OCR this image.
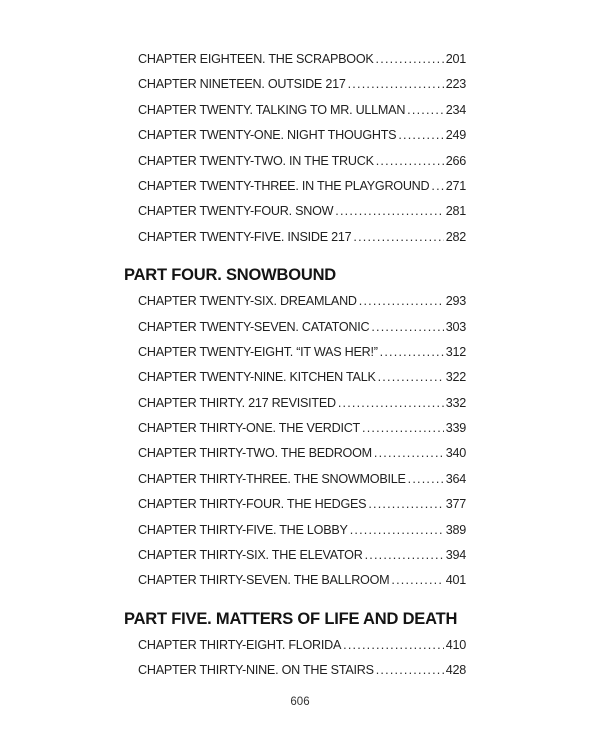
CHAPTER EIGHTEEN. THE SCRAPBOOK .....	201
CHAPTER NINETEEN. OUTSIDE 217 .....	223
CHAPTER TWENTY. TALKING TO MR. ULLMAN .....	234
CHAPTER TWENTY-ONE. NIGHT THOUGHTS .....	249
CHAPTER TWENTY-TWO. IN THE TRUCK .....	266
CHAPTER TWENTY-THREE. IN THE PLAYGROUND ..... 271
CHAPTER TWENTY-FOUR. SNOW .....	281
CHAPTER TWENTY-FIVE. INSIDE 217 .....	282
PART FOUR. SNOWBOUND
CHAPTER TWENTY-SIX. DREAMLAND .....	293
CHAPTER TWENTY-SEVEN. CATATONIC .....	303
CHAPTER TWENTY-EIGHT. “IT WAS HER!” .....	312
CHAPTER TWENTY-NINE. KITCHEN TALK .....	322
CHAPTER THIRTY. 217 REVISITED .....	332
CHAPTER THIRTY-ONE. THE VERDICT .....	339
CHAPTER THIRTY-TWO. THE BEDROOM .....	340
CHAPTER THIRTY-THREE. THE SNOWMOBILE .....	364
CHAPTER THIRTY-FOUR. THE HEDGES .....	377
CHAPTER THIRTY-FIVE. THE LOBBY .....	389
CHAPTER THIRTY-SIX. THE ELEVATOR .....	394
CHAPTER THIRTY-SEVEN. THE BALLROOM .....	401
PART FIVE. MATTERS OF LIFE AND DEATH
CHAPTER THIRTY-EIGHT. FLORIDA .....	410
CHAPTER THIRTY-NINE. ON THE STAIRS .....	428
606
